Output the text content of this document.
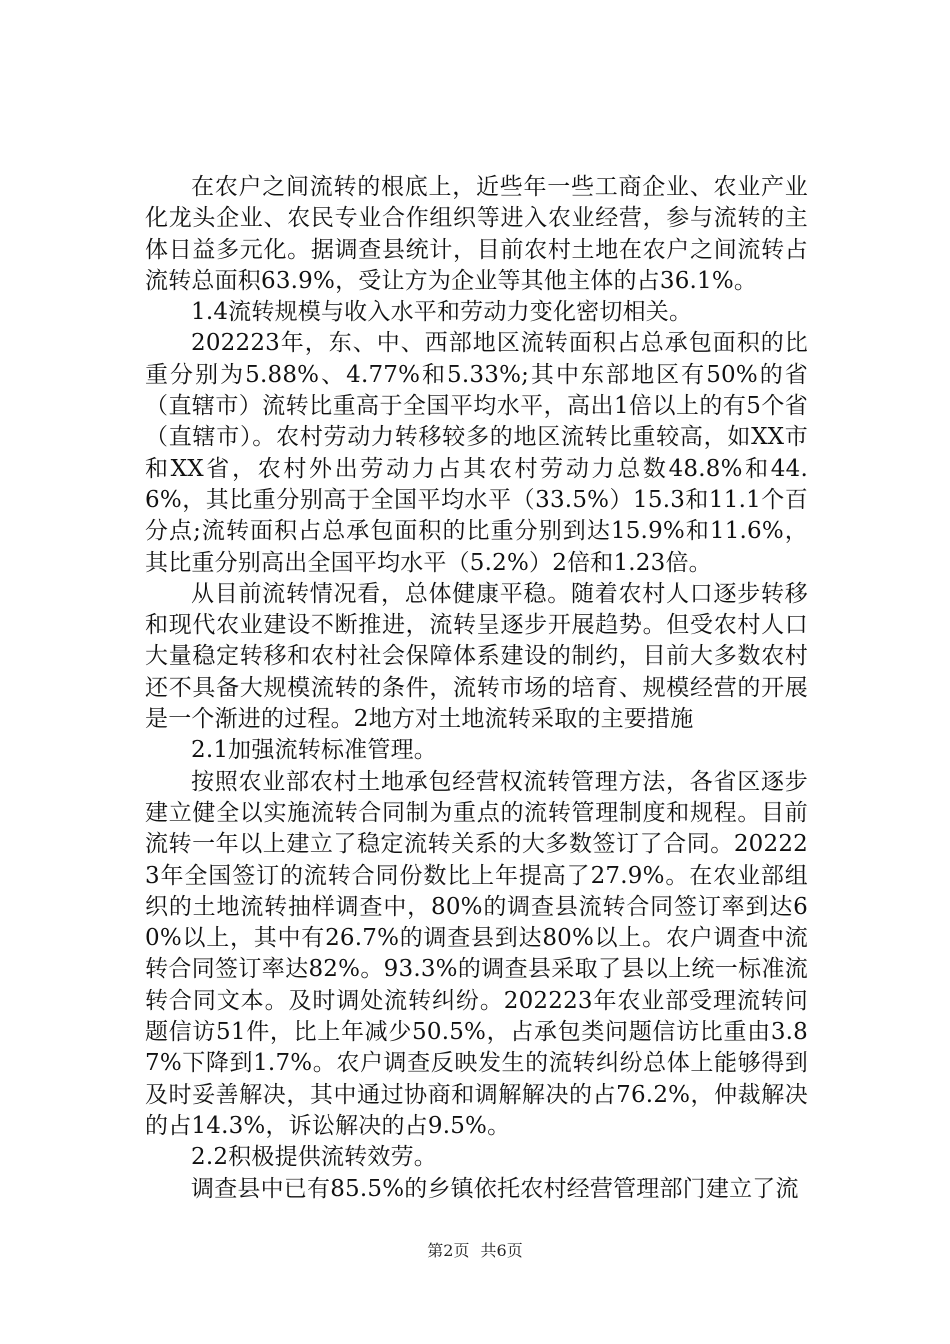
在农户之间流转的根底上，近些年一些工商企业、农业产业化龙头企业、农民专业合作组织等进入农业经营，参与流转的主体日益多元化。据调查县统计，目前农村土地在农户之间流转占流转总面积63.9%，受让方为企业等其他主体的占36.1%。

1.4流转规模与收入水平和劳动力变化密切相关。

202223年，东、中、西部地区流转面积占总承包面积的比重分别为5.88%、4.77%和5.33%;其中东部地区有50%的省（直辖市）流转比重高于全国平均水平，高出1倍以上的有5个省（直辖市）。农村劳动力转移较多的地区流转比重较高，如XX市和XX省，农村外出劳动力占其农村劳动力总数48.8%和44.6%，其比重分别高于全国平均水平（33.5%）15.3和11.1个百分点;流转面积占总承包面积的比重分别到达15.9%和11.6%，其比重分别高出全国平均水平（5.2%）2倍和1.23倍。

从目前流转情况看，总体健康平稳。随着农村人口逐步转移和现代农业建设不断推进，流转呈逐步开展趋势。但受农村人口大量稳定转移和农村社会保障体系建设的制约，目前大多数农村还不具备大规模流转的条件，流转市场的培育、规模经营的开展是一个渐进的过程。2地方对土地流转采取的主要措施

2.1加强流转标准管理。

按照农业部农村土地承包经营权流转管理方法，各省区逐步建立健全以实施流转合同制为重点的流转管理制度和规程。目前流转一年以上建立了稳定流转关系的大多数签订了合同。202223年全国签订的流转合同份数比上年提高了27.9%。在农业部组织的土地流转抽样调查中，80%的调查县流转合同签订率到达60%以上，其中有26.7%的调查县到达80%以上。农户调查中流转合同签订率达82%。93.3%的调查县采取了县以上统一标准流转合同文本。及时调处流转纠纷。202223年农业部受理流转问题信访51件，比上年减少50.5%，占承包类问题信访比重由3.87%下降到1.7%。农户调查反映发生的流转纠纷总体上能够得到及时妥善解决，其中通过协商和调解解决的占76.2%，仲裁解决的占14.3%，诉讼解决的占9.5%。

2.2积极提供流转效劳。

调查县中已有85.5%的乡镇依托农村经营管理部门建立了流

第2页 共6页
